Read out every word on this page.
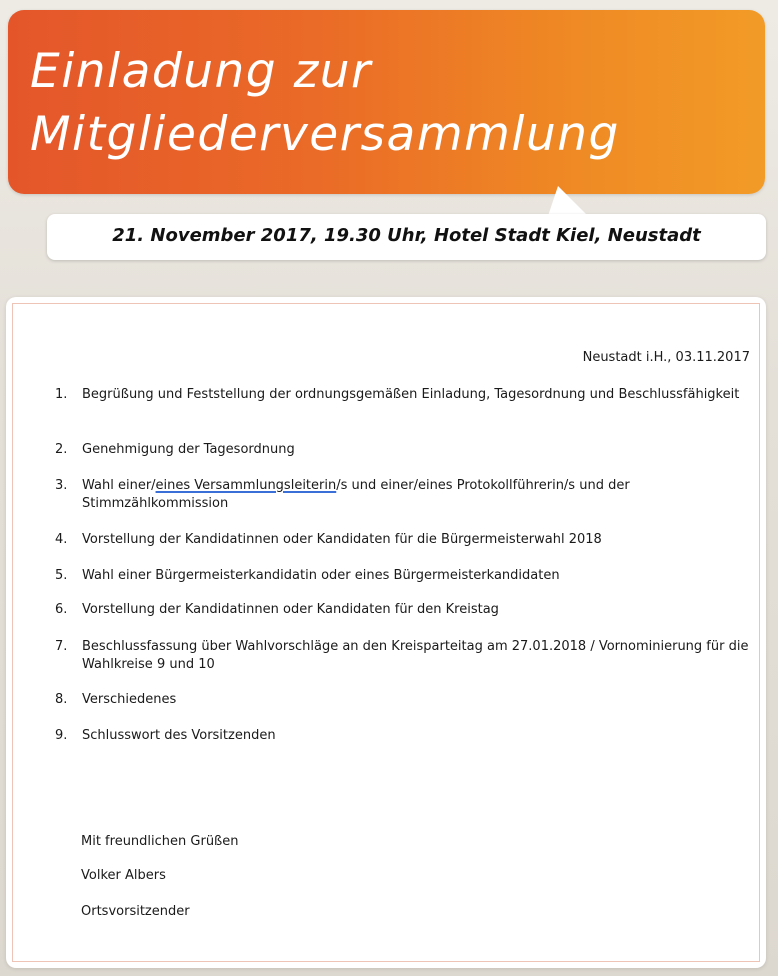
Einladung zur
Mitgliederversammlung
21. November 2017, 19.30 Uhr, Hotel Stadt Kiel, Neustadt
Neustadt i.H., 03.11.2017
1.	Begrüßung und Feststellung der ordnungsgemäßen Einladung, Tagesordnung und Beschlussfähigkeit
2.	Genehmigung der Tagesordnung
3.	Wahl einer/eines Versammlungsleiterin/s und einer/eines Protokollführerin/s und der Stimmzählkommission
4.	Vorstellung der Kandidatinnen oder Kandidaten für die Bürgermeisterwahl 2018
5.	Wahl einer Bürgermeisterkandidatin oder eines Bürgermeisterkandidaten
6.	Vorstellung der Kandidatinnen oder Kandidaten für den Kreistag
7.	Beschlussfassung über Wahlvorschläge an den Kreisparteitag am 27.01.2018 / Vornominierung für die Wahlkreise 9 und 10
8.	Verschiedenes
9.	Schlusswort des Vorsitzenden
Mit freundlichen Grüßen
Volker Albers
Ortsvorsitzender
